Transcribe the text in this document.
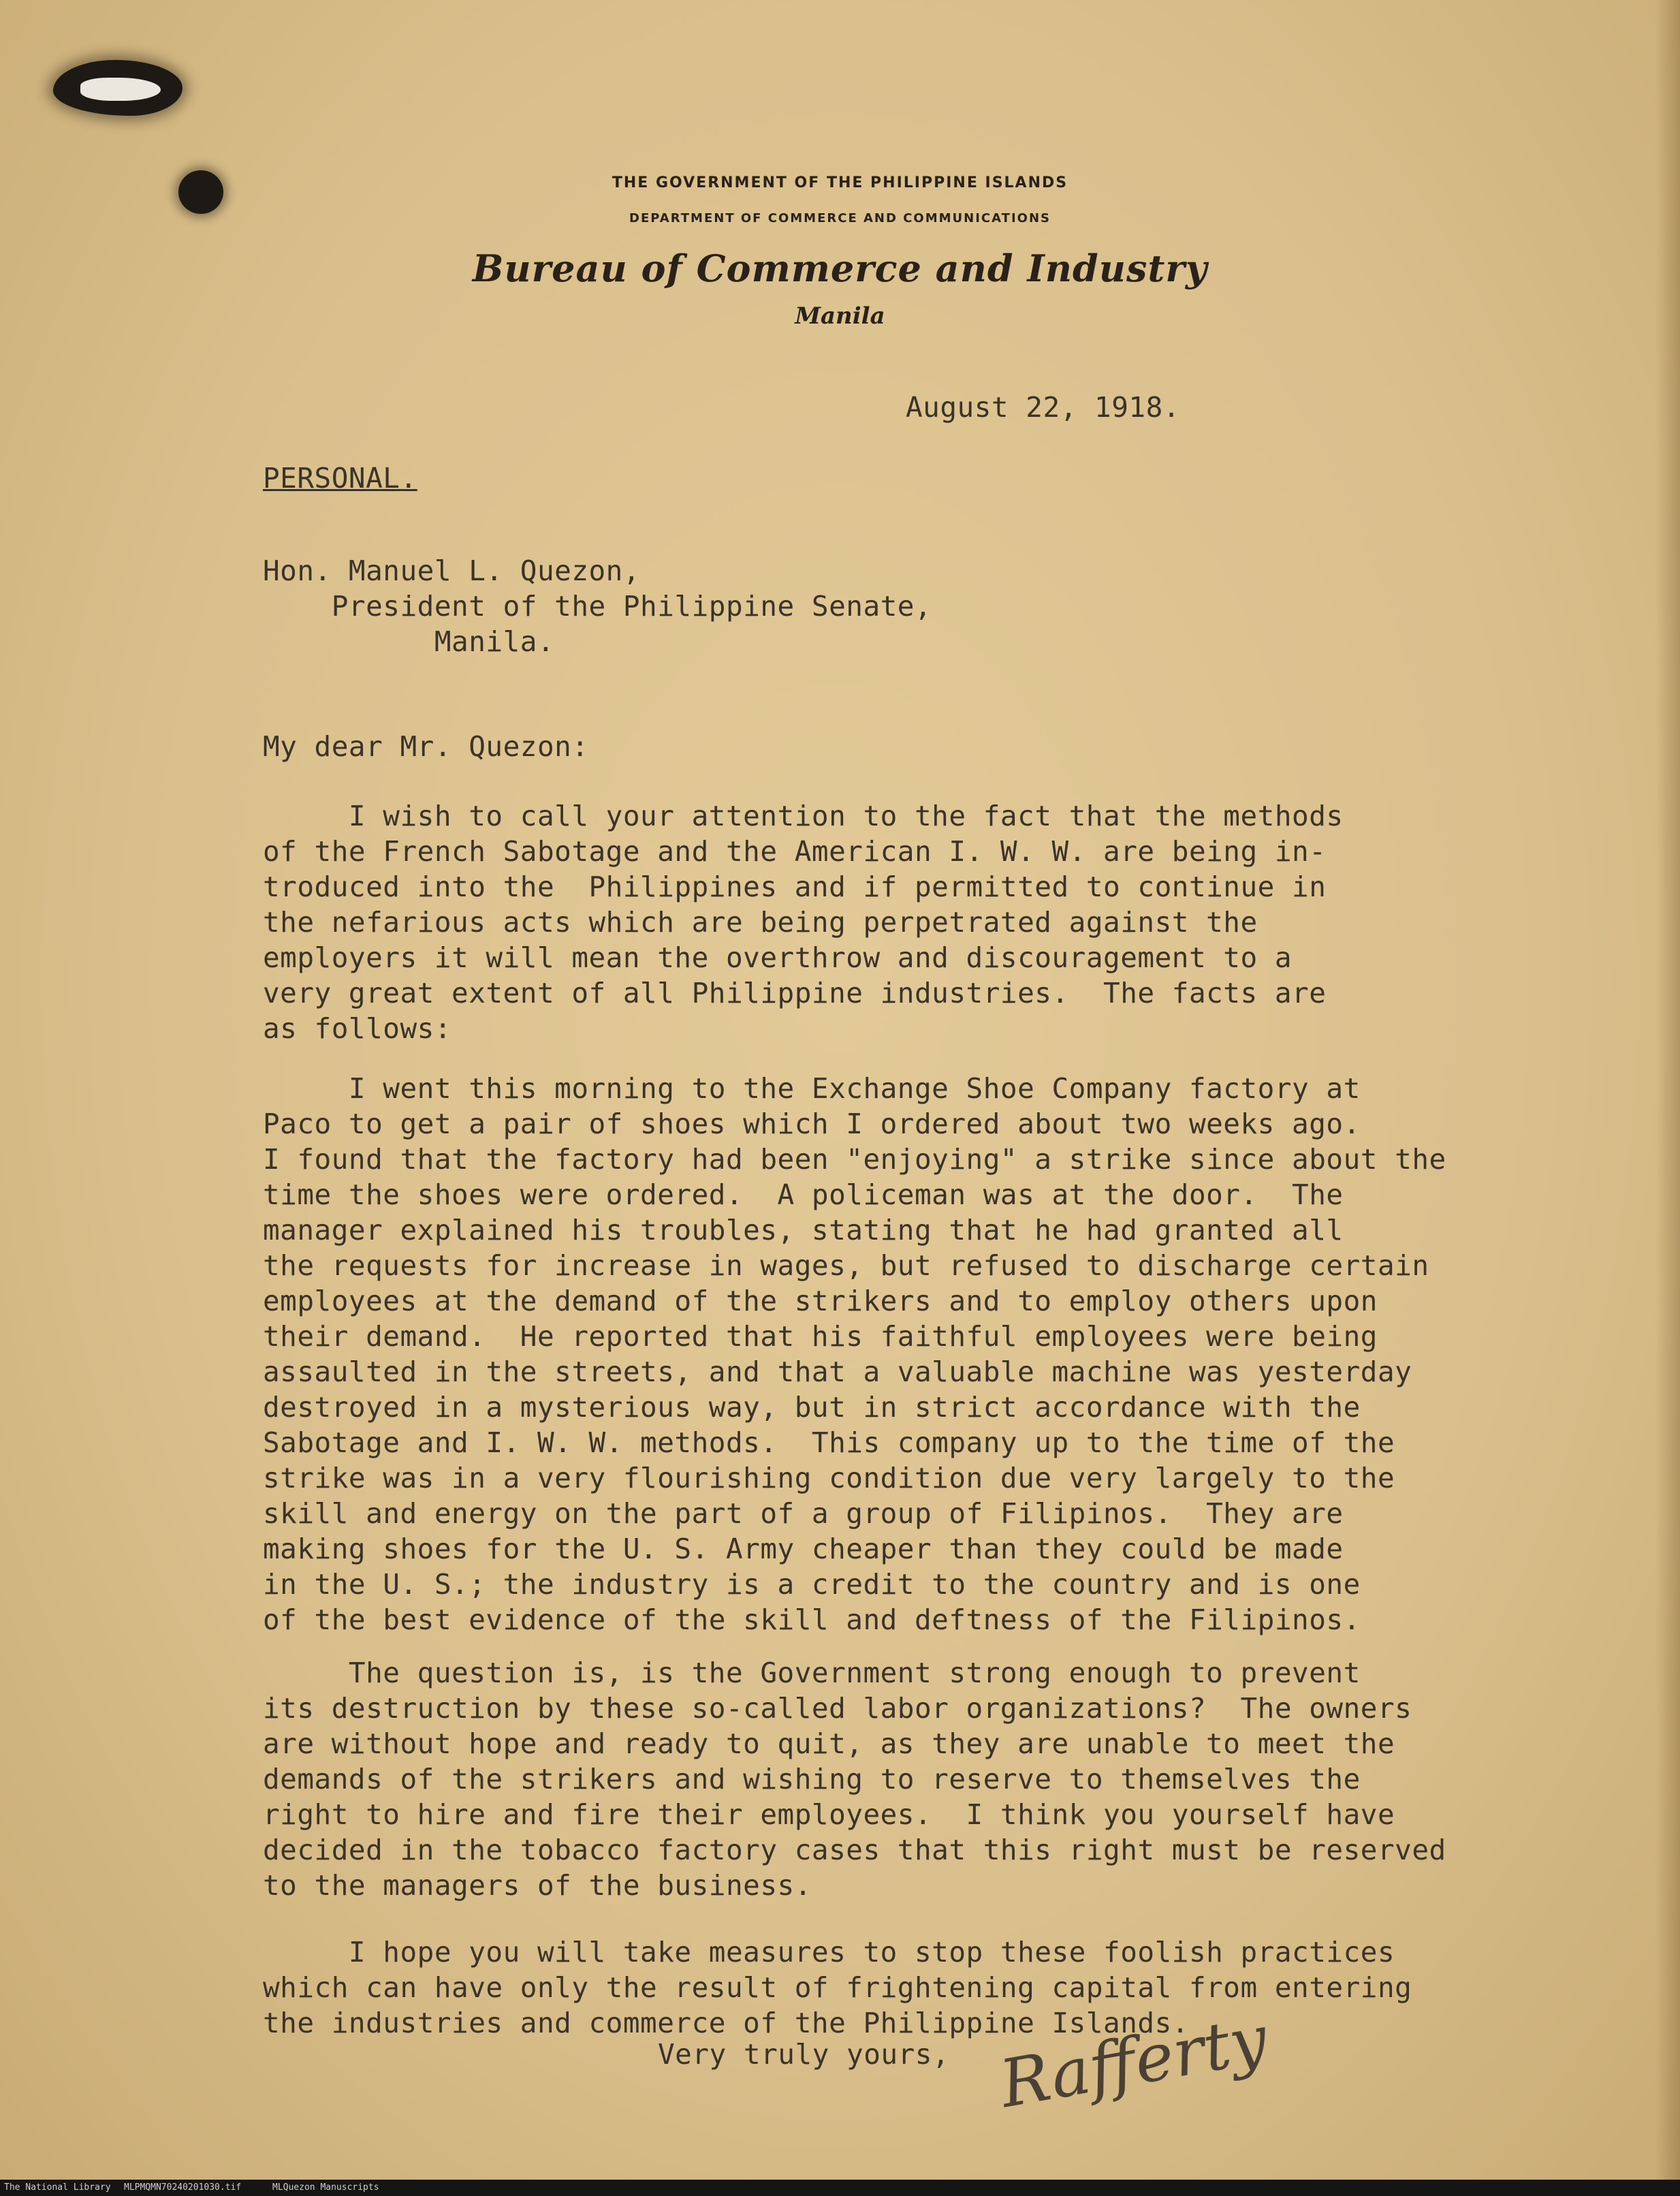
THE GOVERNMENT OF THE PHILIPPINE ISLANDS
DEPARTMENT OF COMMERCE AND COMMUNICATIONS
Bureau of Commerce and Industry
Manila
August 22, 1918.
PERSONAL.
Hon. Manuel L. Quezon,
President of the Philippine Senate,
Manila.
My dear Mr. Quezon:
I wish to call your attention to the fact that the methods
of the French Sabotage and the American I. W. W. are being in-
troduced into the  Philippines and if permitted to continue in
the nefarious acts which are being perpetrated against the
employers it will mean the overthrow and discouragement to a
very great extent of all Philippine industries.  The facts are
as follows:
I went this morning to the Exchange Shoe Company factory at
Paco to get a pair of shoes which I ordered about two weeks ago.
I found that the factory had been "enjoying" a strike since about the
time the shoes were ordered.  A policeman was at the door.  The
manager explained his troubles, stating that he had granted all
the requests for increase in wages, but refused to discharge certain
employees at the demand of the strikers and to employ others upon
their demand.  He reported that his faithful employees were being
assaulted in the streets, and that a valuable machine was yesterday
destroyed in a mysterious way, but in strict accordance with the
Sabotage and I. W. W. methods.  This company up to the time of the
strike was in a very flourishing condition due very largely to the
skill and energy on the part of a group of Filipinos.  They are
making shoes for the U. S. Army cheaper than they could be made
in the U. S.; the industry is a credit to the country and is one
of the best evidence of the skill and deftness of the Filipinos.
The question is, is the Government strong enough to prevent
its destruction by these so-called labor organizations?  The owners
are without hope and ready to quit, as they are unable to meet the
demands of the strikers and wishing to reserve to themselves the
right to hire and fire their employees.  I think you yourself have
decided in the tobacco factory cases that this right must be reserved
to the managers of the business.
I hope you will take measures to stop these foolish practices
which can have only the result of frightening capital from entering
the industries and commerce of the Philippine Islands.
Very truly yours, Rafferty
The National Library MLPMQMN70240201030.tif	MLQuezon Manuscripts
